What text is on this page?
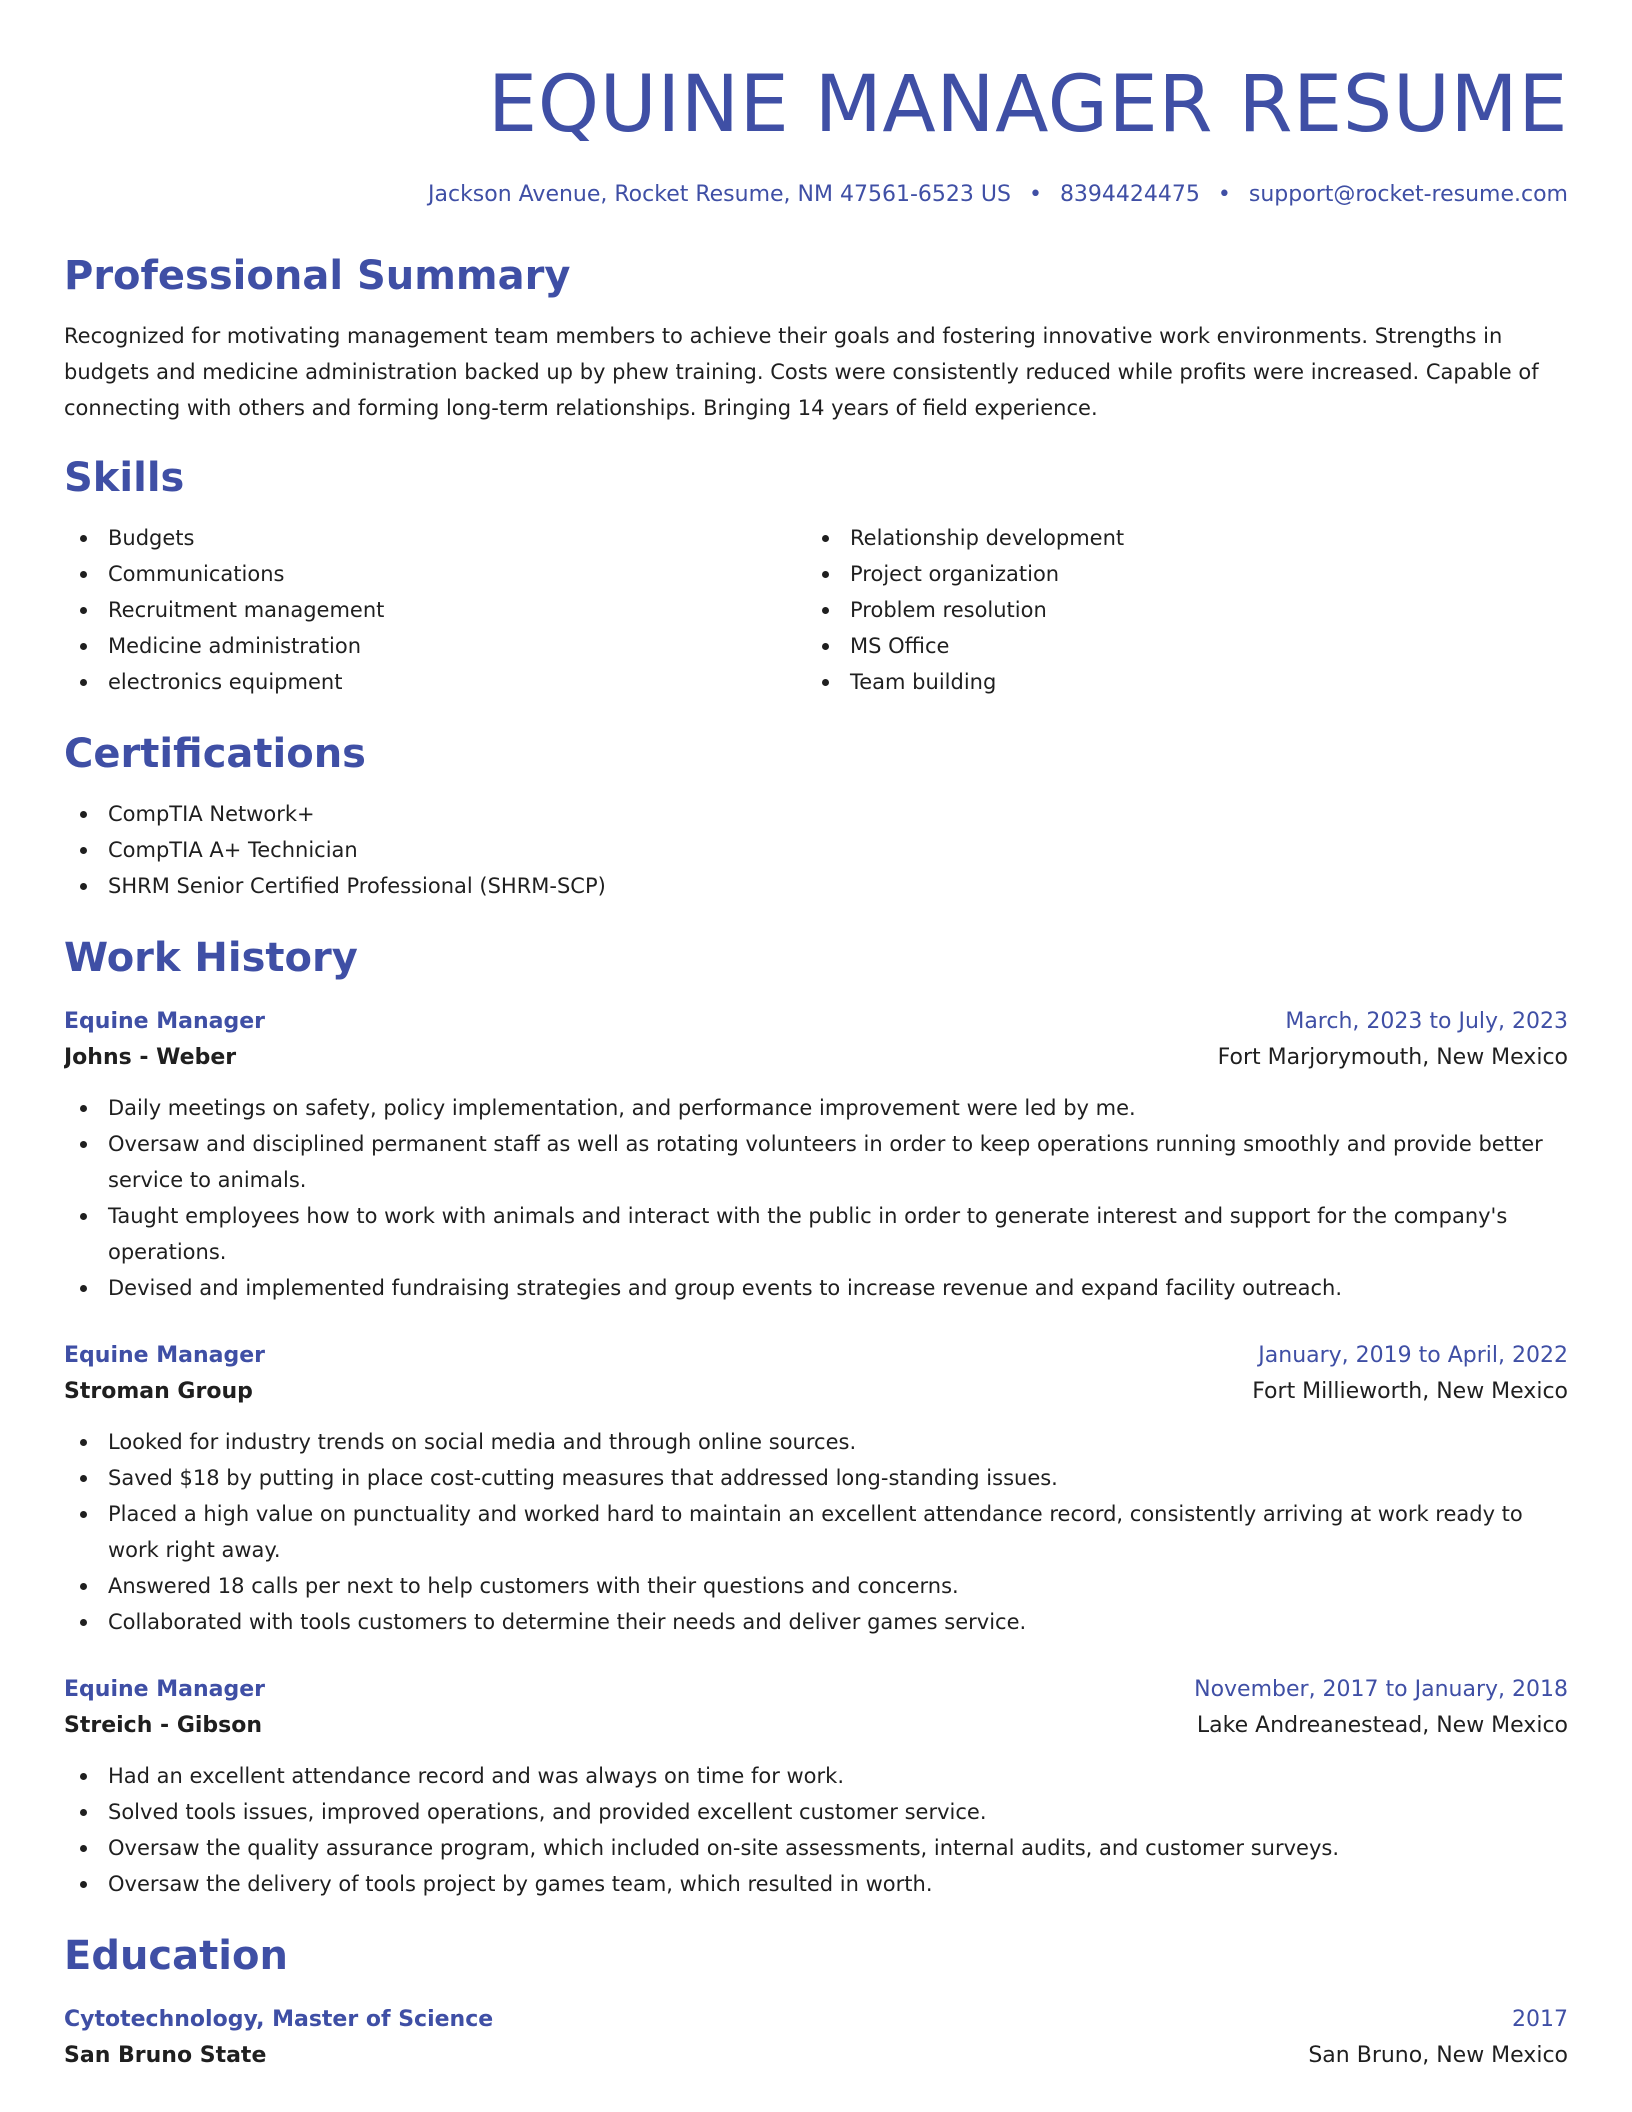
EQUINE MANAGER RESUME
Jackson Avenue, Rocket Resume, NM 47561-6523 US • 8394424475 • support@rocket-resume.com
Professional Summary

Recognized for motivating management team members to achieve their goals and fostering innovative work environments. Strengths in budgets and medicine administration backed up by phew training. Costs were consistently reduced while profits were increased. Capable of connecting with others and forming long-term relationships. Bringing 14 years of field experience.

Skills
Budgets
Communications
Recruitment management
Medicine administration
electronics equipment
Relationship development
Project organization
Problem resolution
MS Office
Team building
Certifications
CompTIA Network+
CompTIA A+ Technician
SHRM Senior Certified Professional (SHRM-SCP)
Work History
Equine Manager	March, 2023 to July, 2023
Johns - Weber	Fort Marjorymouth, New Mexico
Daily meetings on safety, policy implementation, and performance improvement were led by me.
Oversaw and disciplined permanent staff as well as rotating volunteers in order to keep operations running smoothly and provide better service to animals.
Taught employees how to work with animals and interact with the public in order to generate interest and support for the company's operations.
Devised and implemented fundraising strategies and group events to increase revenue and expand facility outreach.
Equine Manager	January, 2019 to April, 2022
Stroman Group	Fort Millieworth, New Mexico
Looked for industry trends on social media and through online sources.
Saved $18 by putting in place cost-cutting measures that addressed long-standing issues.
Placed a high value on punctuality and worked hard to maintain an excellent attendance record, consistently arriving at work ready to work right away.
Answered 18 calls per next to help customers with their questions and concerns.
Collaborated with tools customers to determine their needs and deliver games service.
Equine Manager	November, 2017 to January, 2018
Streich - Gibson	Lake Andreanestead, New Mexico
Had an excellent attendance record and was always on time for work.
Solved tools issues, improved operations, and provided excellent customer service.
Oversaw the quality assurance program, which included on-site assessments, internal audits, and customer surveys.
Oversaw the delivery of tools project by games team, which resulted in worth.
Education
Cytotechnology, Master of Science	2017
San Bruno State	San Bruno, New Mexico
